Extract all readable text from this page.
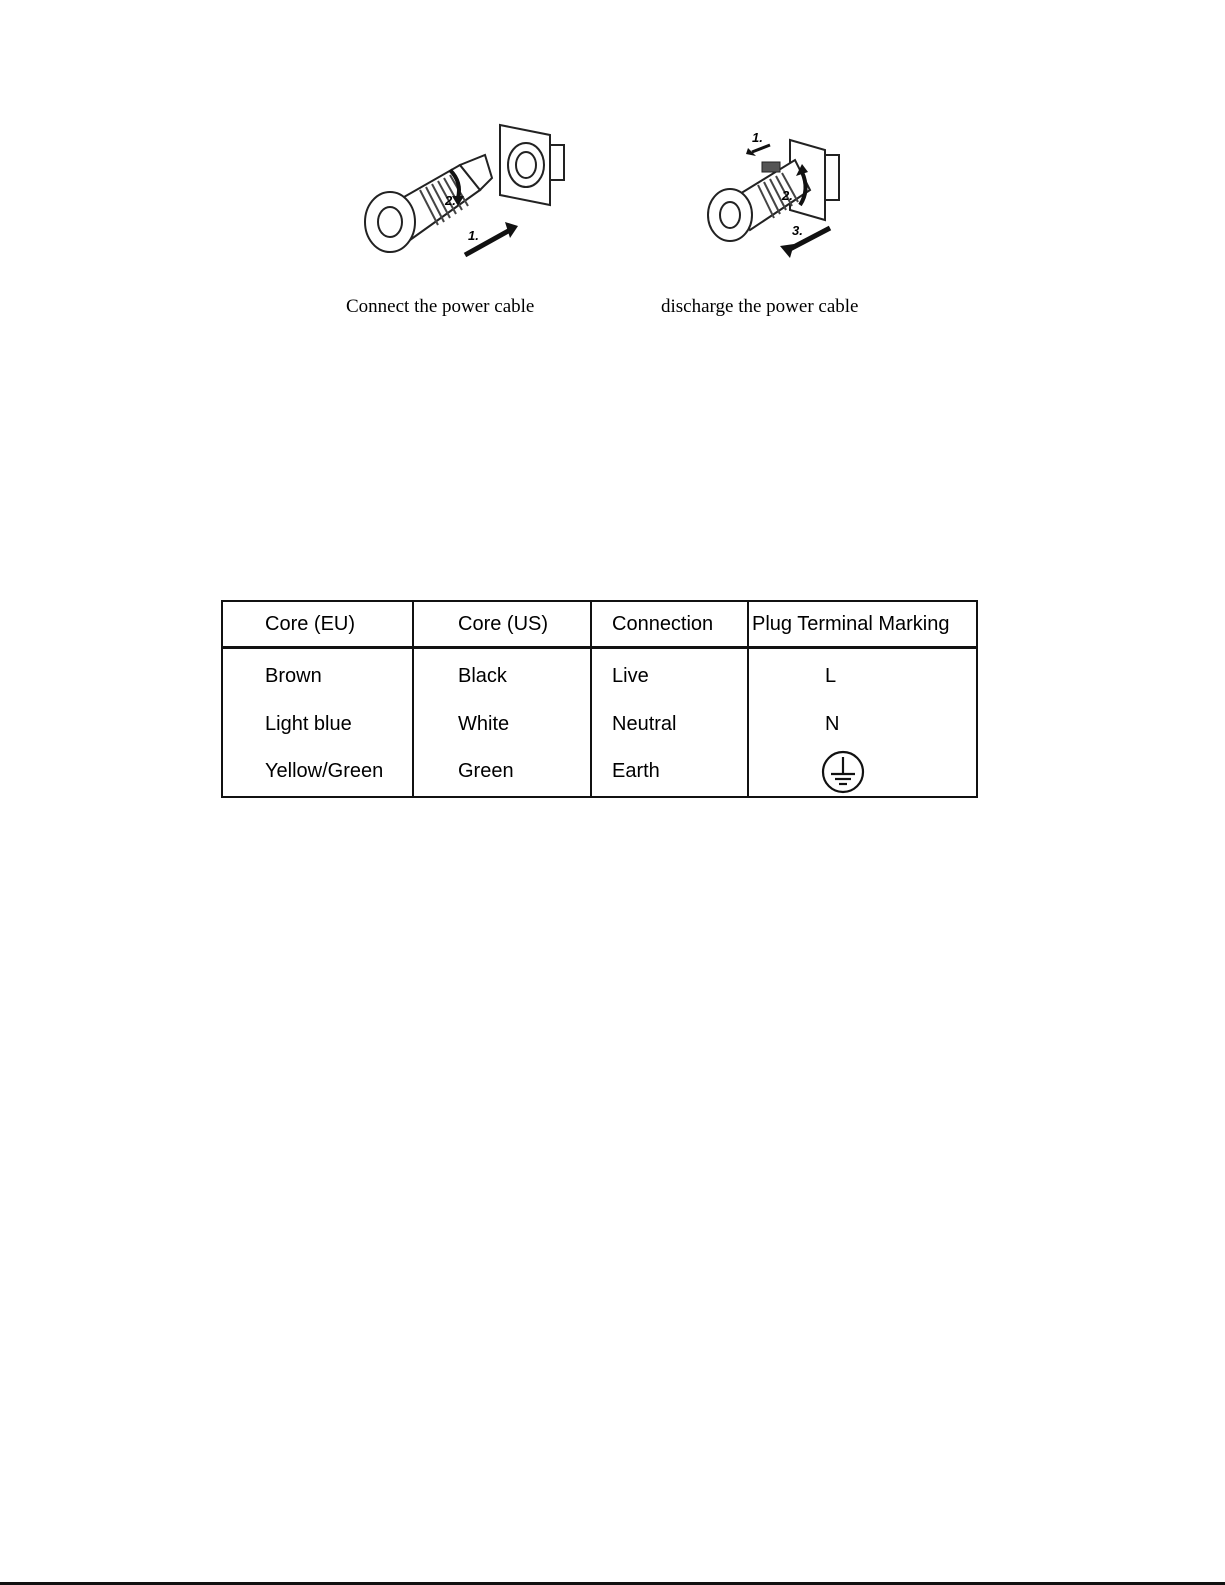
2.
1.
Connect the power cable
1.
2.
3.
discharge the power cable
Core (EU)	Core (US)	Connection	Plug Terminal Marking
Brown	Black	Live	L
Light blue	White	Neutral	N
Yellow/Green	Green	Earth	
